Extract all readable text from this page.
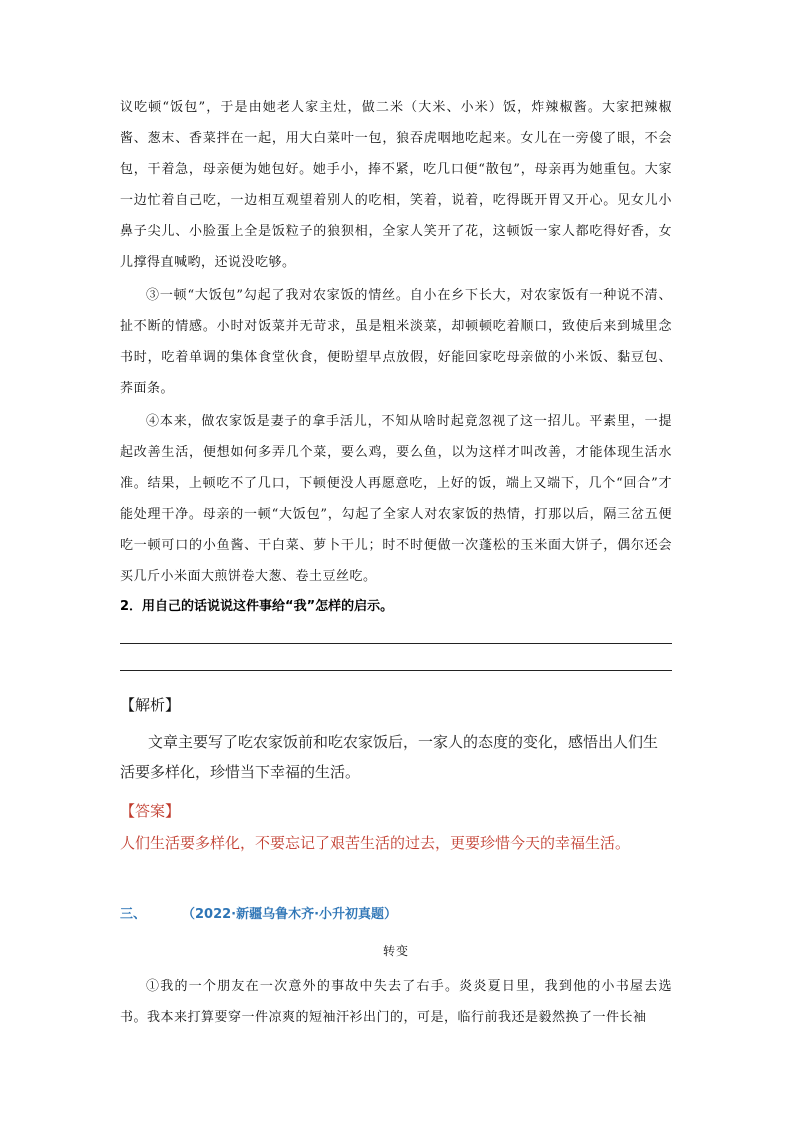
议吃顿“饭包”，于是由她老人家主灶，做二米（大米、小米）饭，炸辣椒酱。大家把辣椒酱、葱末、香菜拌在一起，用大白菜叶一包，狼吞虎咽地吃起来。女儿在一旁傻了眼，不会包，干着急，母亲便为她包好。她手小，捧不紧，吃几口便“散包”，母亲再为她重包。大家一边忙着自己吃，一边相互观望着别人的吃相，笑着，说着，吃得既开胃又开心。见女儿小鼻子尖儿、小脸蛋上全是饭粒子的狼狈相，全家人笑开了花，这顿饭一家人都吃得好香，女儿撑得直喊哟，还说没吃够。

③一顿“大饭包”勾起了我对农家饭的情丝。自小在乡下长大，对农家饭有一种说不清、扯不断的情感。小时对饭菜并无苛求，虽是粗米淡菜，却顿顿吃着顺口，致使后来到城里念书时，吃着单调的集体食堂伙食，便盼望早点放假，好能回家吃母亲做的小米饭、黏豆包、荞面条。

④本来，做农家饭是妻子的拿手活儿，不知从啥时起竟忽视了这一招儿。平素里，一提起改善生活，便想如何多弄几个菜，要么鸡，要么鱼，以为这样才叫改善，才能体现生活水准。结果，上顿吃不了几口，下顿便没人再愿意吃，上好的饭，端上又端下，几个“回合”才能处理干净。母亲的一顿“大饭包”，勾起了全家人对农家饭的热情，打那以后，隔三岔五便吃一顿可口的小鱼酱、干白菜、萝卜干儿；时不时便做一次蓬松的玉米面大饼子，偶尔还会买几斤小米面大煎饼卷大葱、卷土豆丝吃。

2．用自己的话说说这件事给“我”怎样的启示。

【解析】

文章主要写了吃农家饭前和吃农家饭后，一家人的态度的变化，感悟出人们生活要多样化，珍惜当下幸福的生活。

【答案】

人们生活要多样化，不要忘记了艰苦生活的过去，更要珍惜今天的幸福生活。

三、	（2022·新疆乌鲁木齐·小升初真题）
转变

①我的一个朋友在一次意外的事故中失去了右手。炎炎夏日里，我到他的小书屋去选书。我本来打算要穿一件凉爽的短袖汗衫出门的，可是，临行前我还是毅然换了一件长袖
